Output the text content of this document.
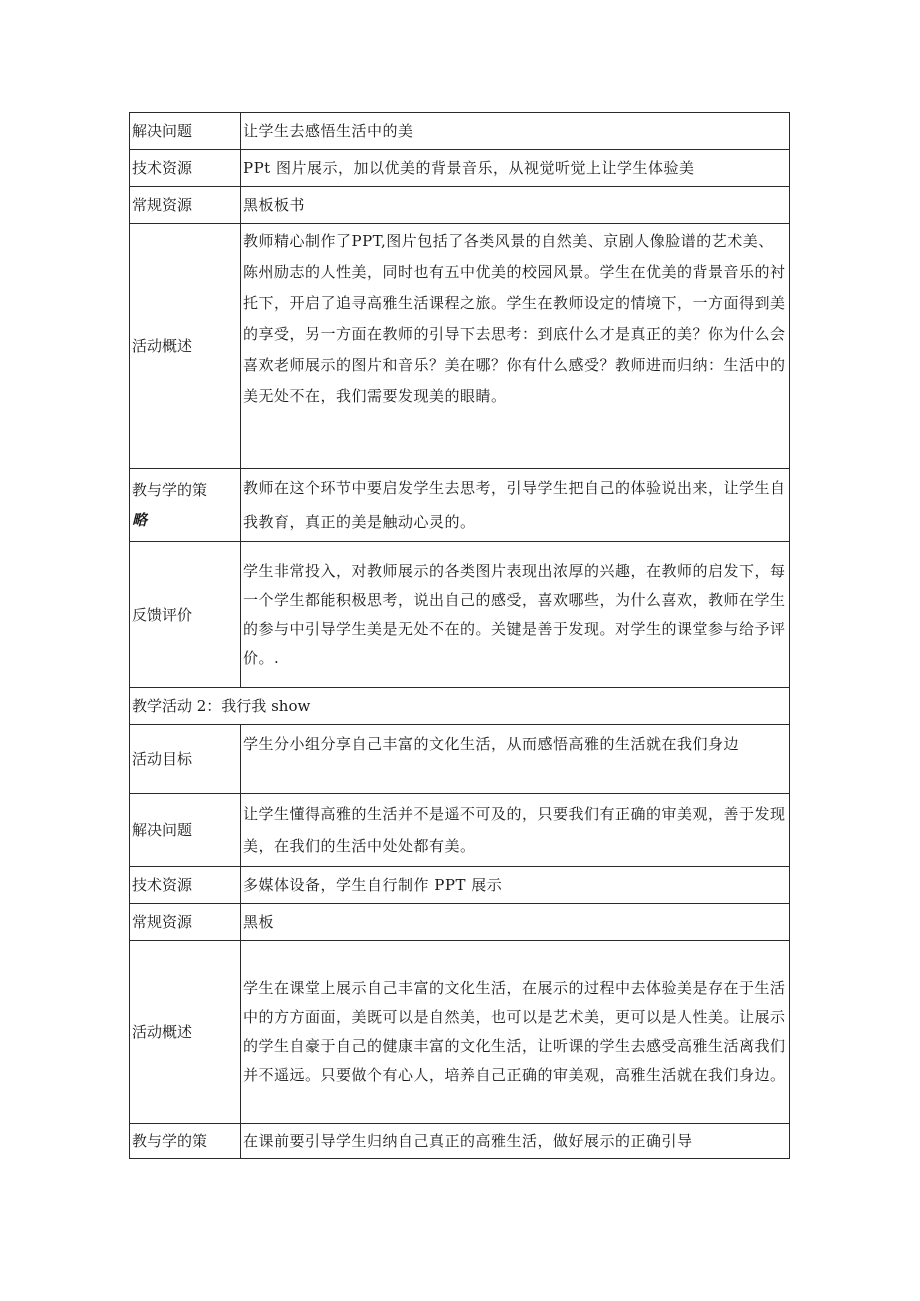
解决问题	让学生去感悟生活中的美
技术资源	PPt 图片展示，加以优美的背景音乐，从视觉听觉上让学生体验美
常规资源	黑板板书
活动概述	教师精心制作了PPT,图片包括了各类风景的自然美、京剧人像脸谱的艺术美、陈州励志的人性美，同时也有五中优美的校园风景。学生在优美的背景音乐的衬托下，开启了追寻高雅生活课程之旅。学生在教师设定的情境下，一方面得到美的享受，另一方面在教师的引导下去思考：到底什么才是真正的美？你为什么会喜欢老师展示的图片和音乐？美在哪？你有什么感受？教师进而归纳：生活中的美无处不在，我们需要发现美的眼睛。

教与学的策
略	教师在这个环节中要启发学生去思考，引导学生把自己的体验说出来，让学生自我教育，真正的美是触动心灵的。
反馈评价	学生非常投入，对教师展示的各类图片表现出浓厚的兴趣，在教师的启发下，每一个学生都能积极思考，说出自己的感受，喜欢哪些，为什么喜欢，教师在学生的参与中引导学生美是无处不在的。关键是善于发现。对学生的课堂参与给予评价。.
教学活动 2：我行我 show	
活动目标	学生分小组分享自己丰富的文化生活，从而感悟高雅的生活就在我们身边
解决问题	让学生懂得高雅的生活并不是遥不可及的，只要我们有正确的审美观，善于发现美，在我们的生活中处处都有美。
技术资源	多媒体设备，学生自行制作 PPT 展示
常规资源	黑板
活动概述	学生在课堂上展示自己丰富的文化生活，在展示的过程中去体验美是存在于生活中的方方面面，美既可以是自然美，也可以是艺术美，更可以是人性美。让展示的学生自豪于自己的健康丰富的文化生活，让听课的学生去感受高雅生活离我们并不遥远。只要做个有心人，培养自己正确的审美观，高雅生活就在我们身边。
教与学的策	在课前要引导学生归纳自己真正的高雅生活，做好展示的正确引导
